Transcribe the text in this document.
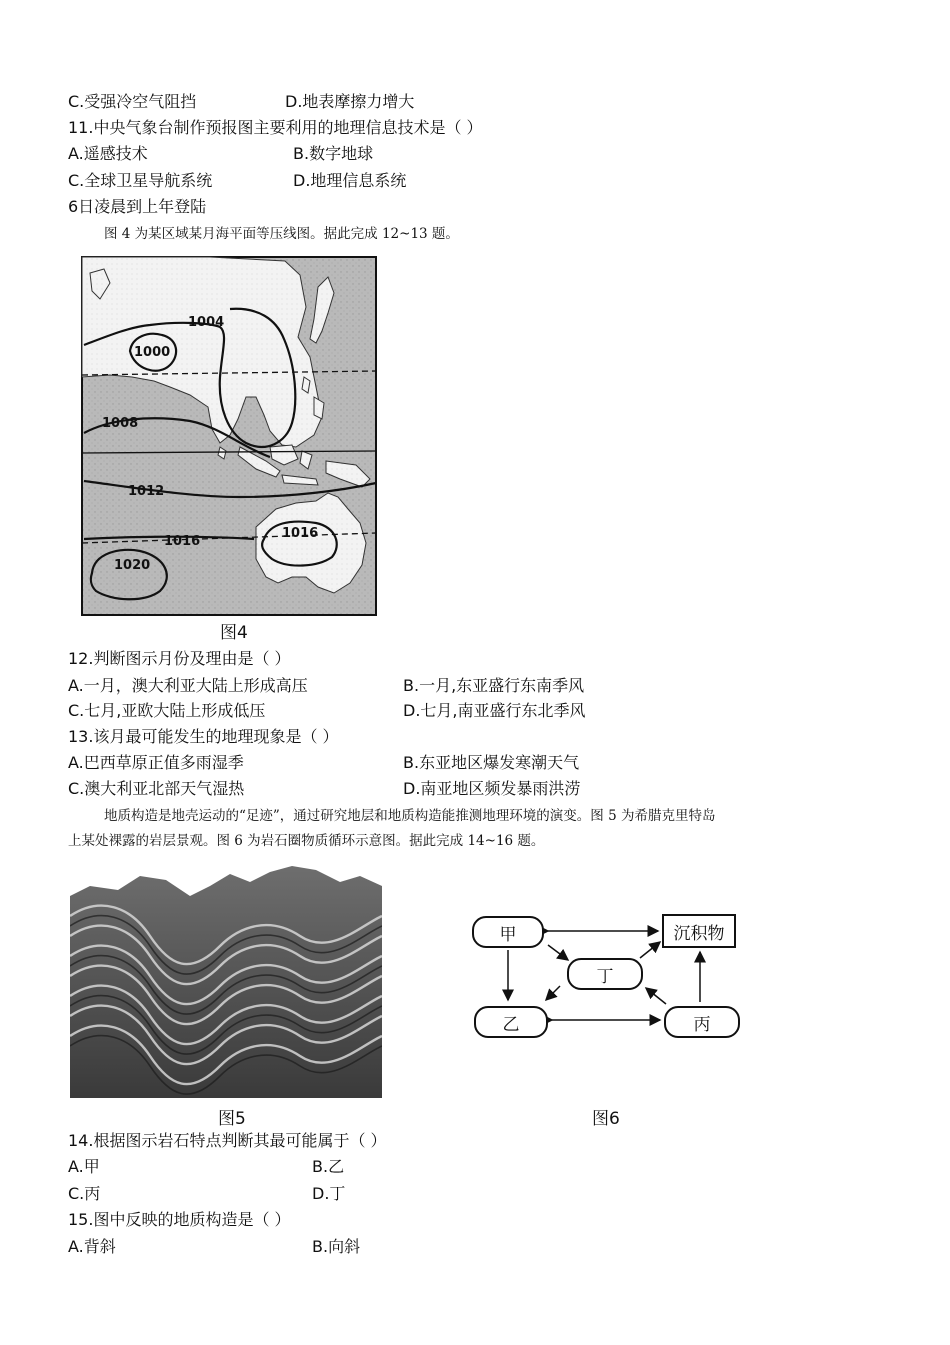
C.受强冷空气阻挡	D.地表摩擦力增大
11.中央气象台制作预报图主要利用的地理信息技术是（ ）
A.遥感技术	B.数字地球
C.全球卫星导航系统	D.地理信息系统
6日凌晨到上年登陆
图 4 为某区域某月海平面等压线图。据此完成 12~13 题。
1004
1000
1008
1012
1016
1016
1020
图4
12.判断图示月份及理由是（ ）
A.一月，澳大利亚大陆上形成高压	B.一月,东亚盛行东南季风
C.七月,亚欧大陆上形成低压	D.七月,南亚盛行东北季风
13.该月最可能发生的地理现象是（ ）
A.巴西草原正值多雨湿季	B.东亚地区爆发寒潮天气
C.澳大利亚北部天气湿热	D.南亚地区频发暴雨洪涝
地质构造是地壳运动的“足迹”，通过研究地层和地质构造能推测地理环境的演变。图 5 为希腊克里特岛
上某处裸露的岩层景观。图 6 为岩石圈物质循环示意图。据此完成 14~16 题。
图5
甲
丁
乙	丙
沉积物
图6
14.根据图示岩石特点判断其最可能属于（ ）
A.甲	B.乙
C.丙	D.丁
15.图中反映的地质构造是（ ）
A.背斜	B.向斜
